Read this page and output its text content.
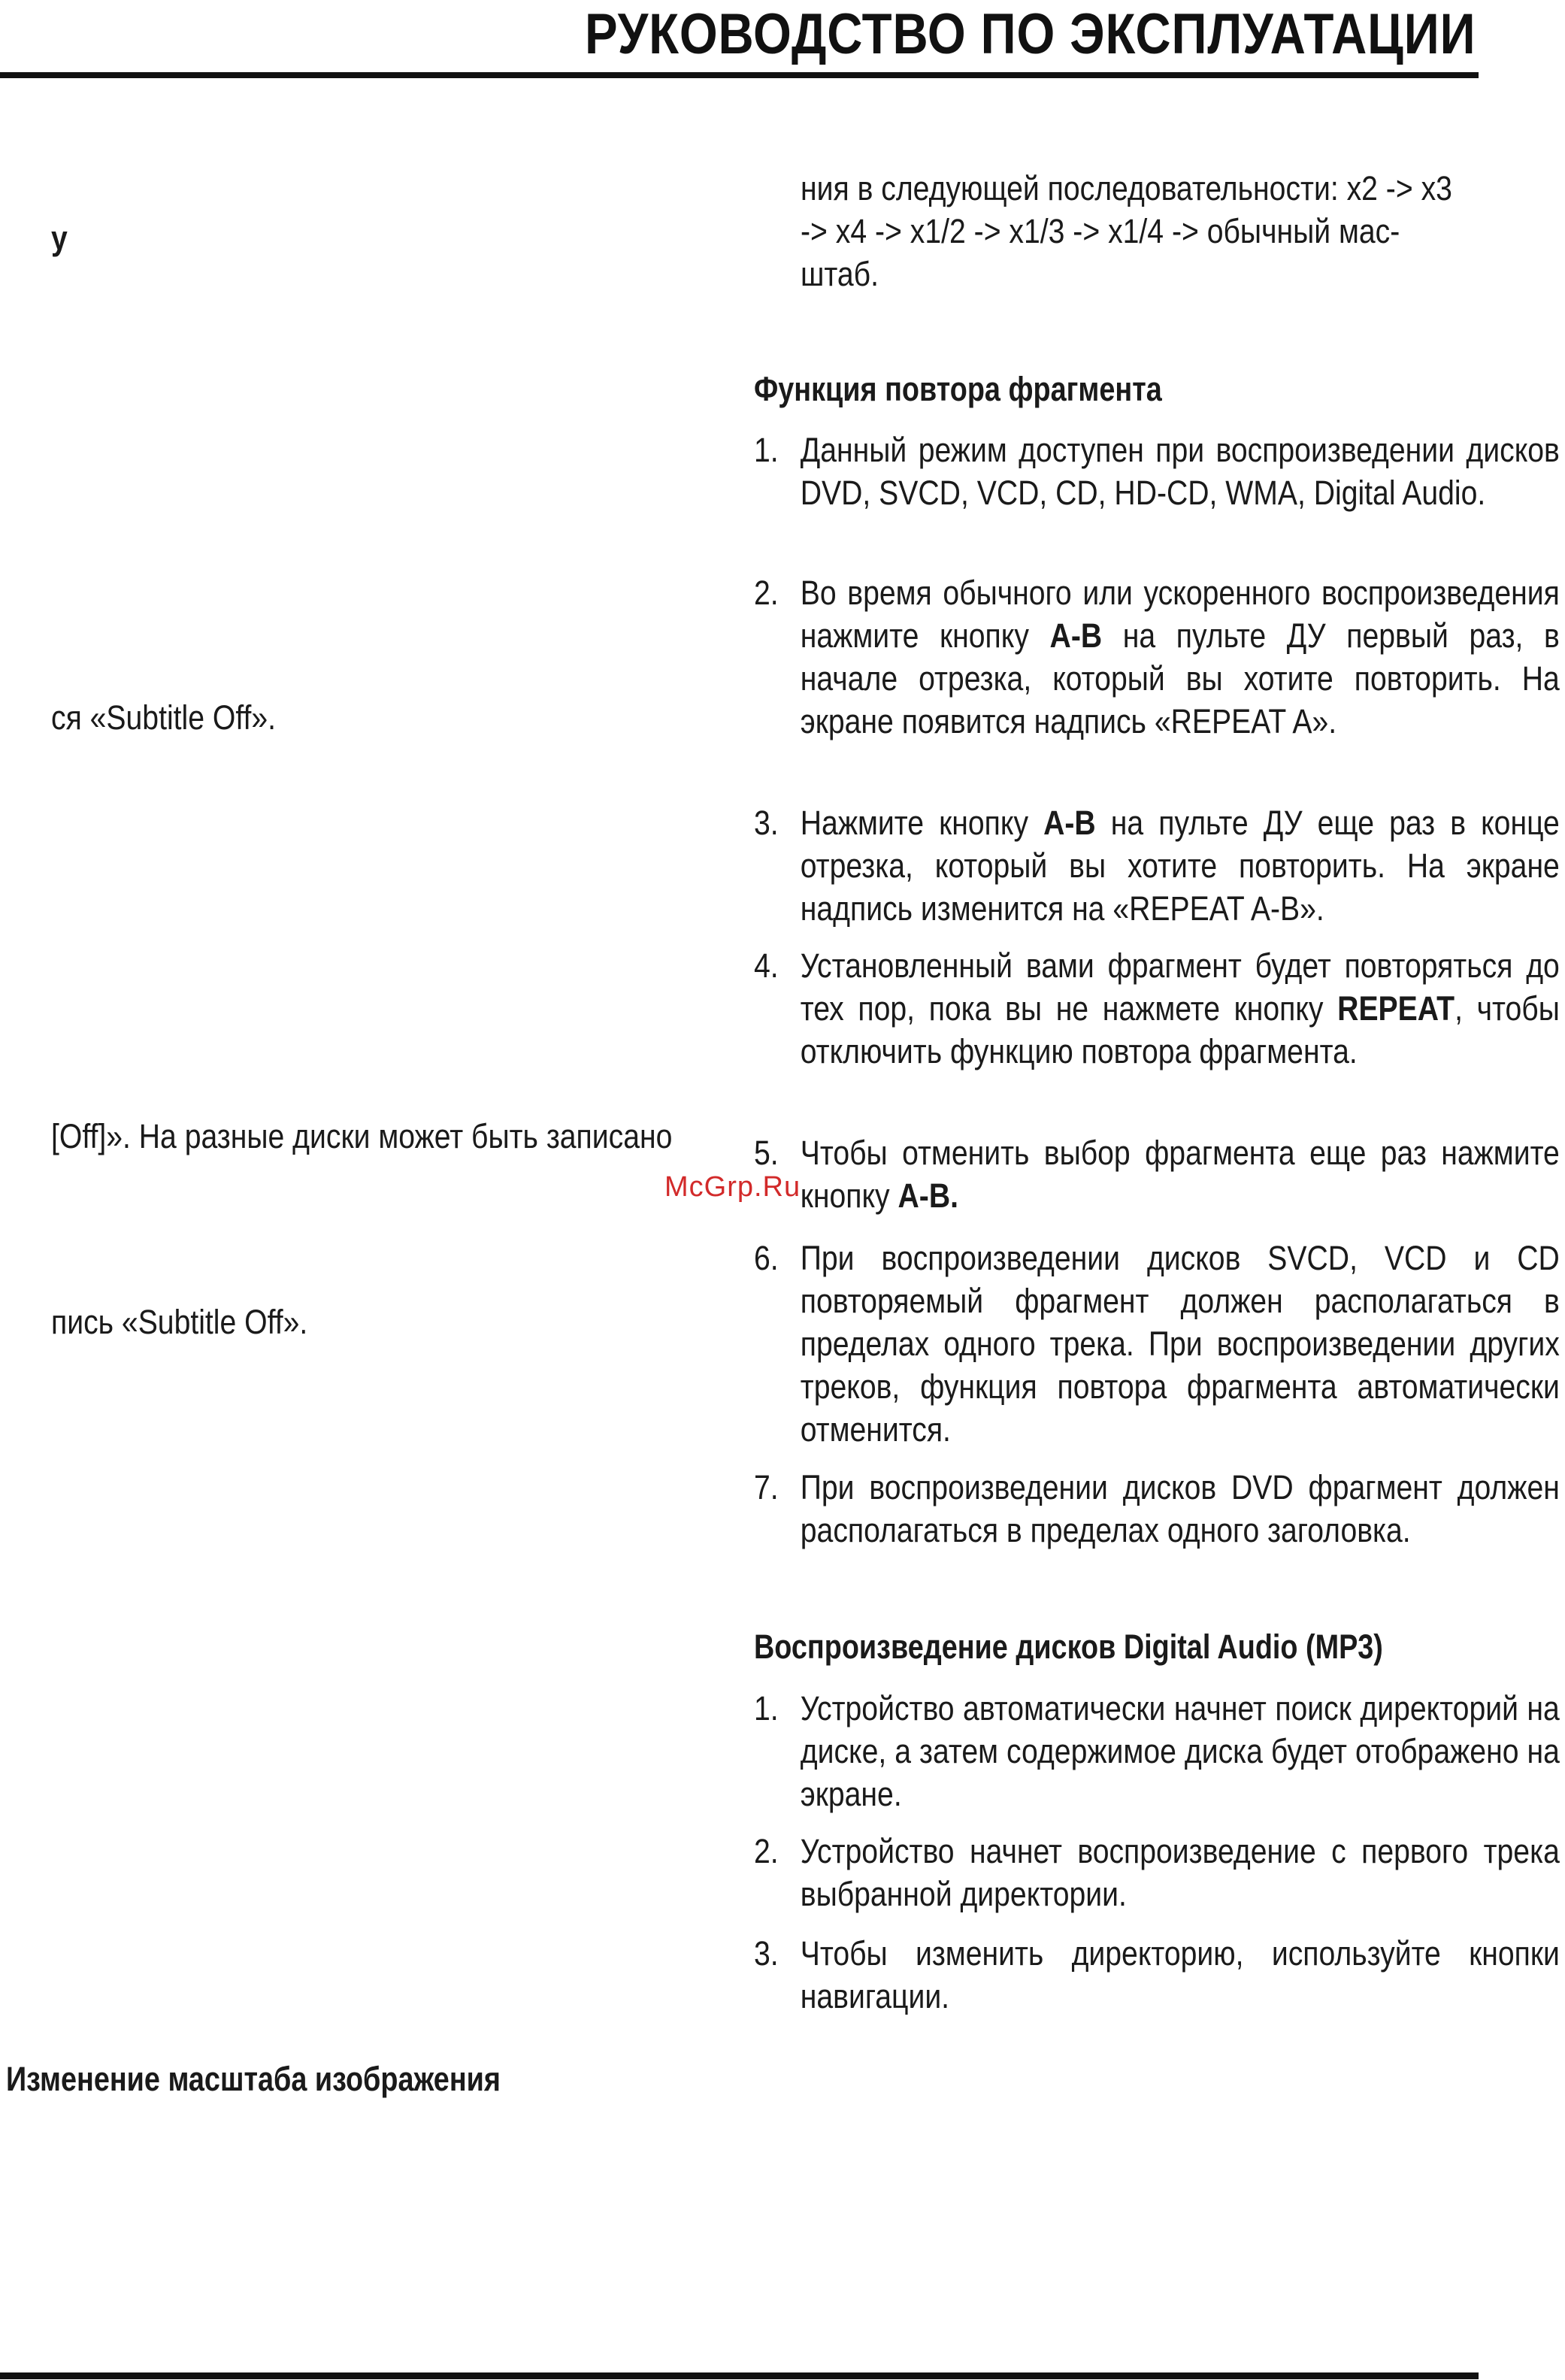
РУКОВОДСТВО ПО ЭКСПЛУАТАЦИИ

у

ся «Subtitle Off».

[Off]». На разные диски может быть записано

пись «Subtitle Off».

Изменение масштаба изображения
ния в следующей последовательности: x2 -> x3
-> x4 -> x1/2 -> x1/3 -> x1/4 -> обычный мас-
штаб.
Функция повтора фрагмента
1. Данный режим доступен при воспроизведении дисков DVD, SVCD, VCD, CD, HD-CD, WMA, Digital Audio.
2. Во время обычного или ускоренного воспроизведения нажмите кнопку A-B на пульте ДУ первый раз, в начале отрезка, который вы хотите повторить. На экране появится надпись «REPEAT A».
3. Нажмите кнопку A-B на пульте ДУ еще раз в конце отрезка, который вы хотите повторить. На экране надпись изменится на «REPEAT A-B».
4. Установленный вами фрагмент будет повторяться до тех пор, пока вы не нажмете кнопку REPEAT, чтобы отключить функцию повтора фрагмента.
5. Чтобы отменить выбор фрагмента еще раз нажмите кнопку A-B.
6. При воспроизведении дисков SVCD, VCD и CD повторяемый фрагмент должен располагаться в пределах одного трека. При воспроизведении других треков, функция повтора фрагмента автоматически отменится.
7. При воспроизведении дисков DVD фрагмент должен располагаться в пределах одного заголовка.
Воспроизведение дисков Digital Audio (MP3)
1. Устройство автоматически начнет поиск директорий на диске, а затем содержимое диска будет отображено на экране.
2. Устройство начнет воспроизведение с первого трека выбранной директории.
3. Чтобы изменить директорию, используйте кнопки навигации.
McGrp.Ru
